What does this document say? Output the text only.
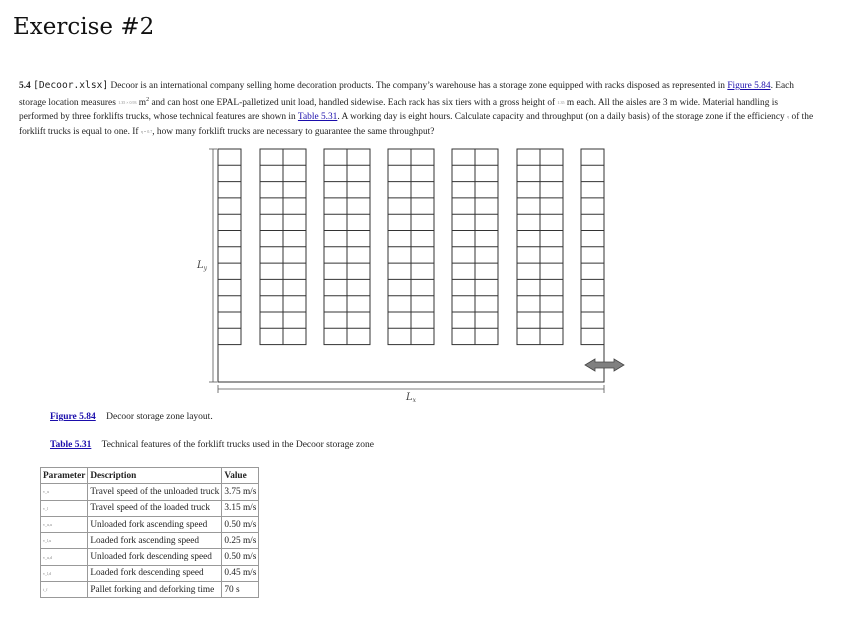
Exercise #2
5.4 [Decoor.xlsx] Decoor is an international company selling home decoration products. The company’s warehouse has a storage zone equipped with racks disposed as represented in Figure 5.84. Each storage location measures 1.35 × 0.93 $m^2$ and can host one EPAL-palletized unit load, handled sidewise. Each rack has six tiers with a gross height of 1.35 m each. All the aisles are 3 m wide. Material handling is performed by three forklifts trucks, whose technical features are shown in Table 5.31. A working day is eight hours. Calculate capacity and throughput (on a daily basis) of the storage zone if the efficiency η of the forklift trucks is equal to one. If η = 0.7, how many forklift trucks are necessary to guarantee the same throughput?
$L_y$
$L_x$
Figure 5.84 Decoor storage zone layout.
Table 5.31 Technical features of the forklift trucks used in the Decoor storage zone
Parameter	Description	Value
v_u	Travel speed of the unloaded truck	3.75 m/s
v_l	Travel speed of the loaded truck	3.15 m/s
v_u,u	Unloaded fork ascending speed	0.50 m/s
v_l,u	Loaded fork ascending speed	0.25 m/s
v_u,d	Unloaded fork descending speed	0.50 m/s
v_l,d	Loaded fork descending speed	0.45 m/s
t_f	Pallet forking and deforking time	70 s
